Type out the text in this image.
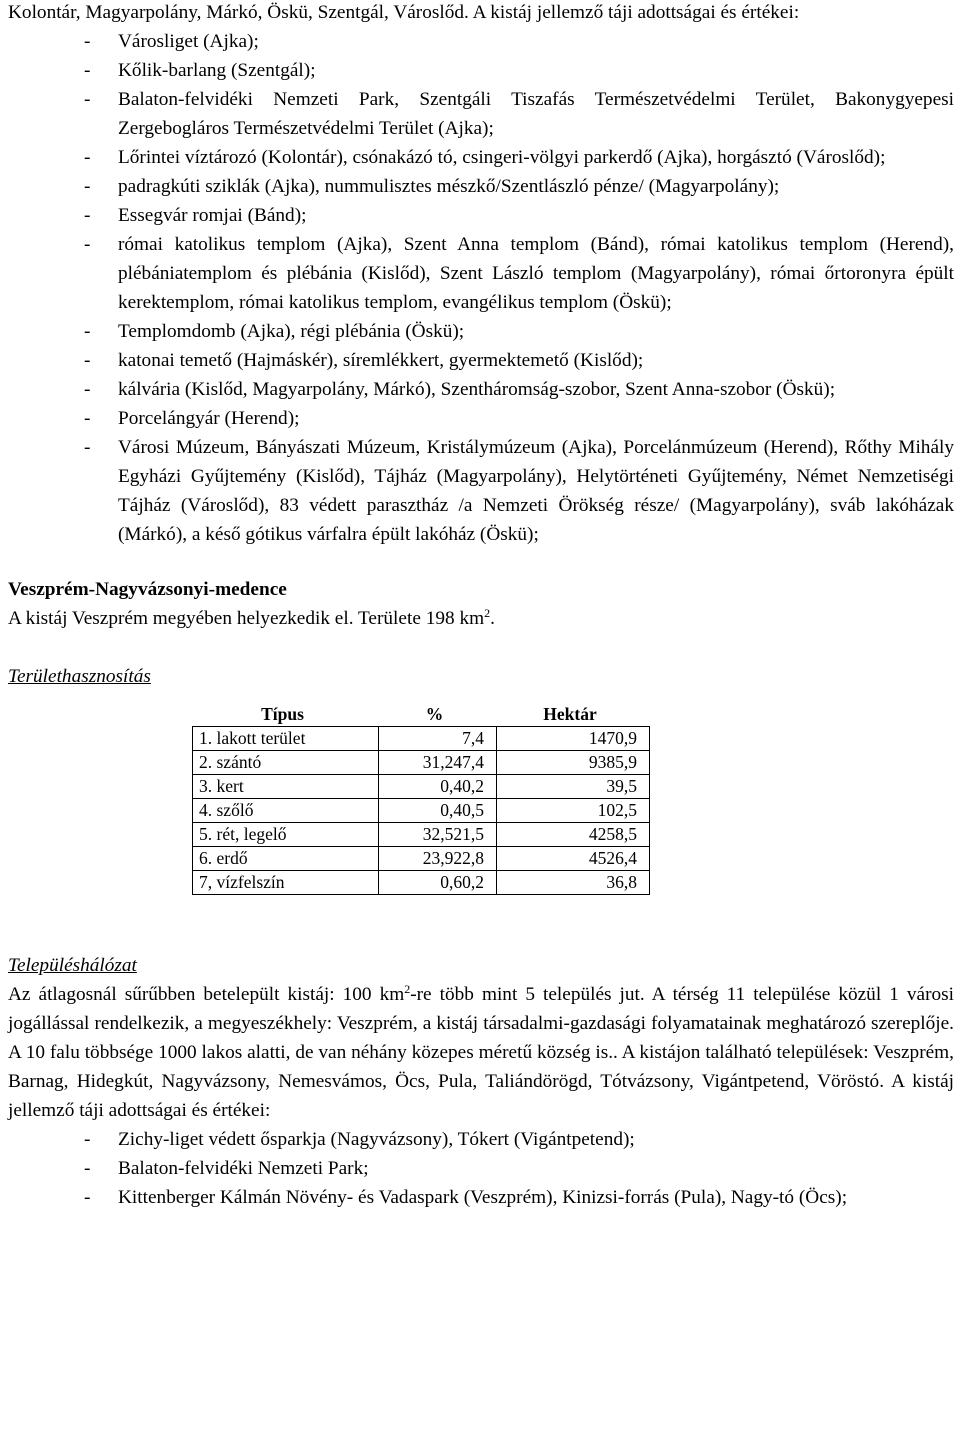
Kolontár, Magyarpolány, Márkó, Öskü, Szentgál, Városlőd. A kistáj jellemző táji adottságai és értékei:

- Városliget (Ajka);
- Kőlik-barlang (Szentgál);
- Balaton-felvidéki Nemzeti Park, Szentgáli Tiszafás Természetvédelmi Terület, Bakonygyepesi Zergebogláros Természetvédelmi Terület (Ajka);
- Lőrintei víztározó (Kolontár), csónakázó tó, csingeri-völgyi parkerdő (Ajka), horgásztó (Városlőd);
- padragkúti sziklák (Ajka), nummulisztes mészkő/Szentlászló pénze/ (Magyarpolány);
- Essegvár romjai (Bánd);
- római katolikus templom (Ajka), Szent Anna templom (Bánd), római katolikus templom (Herend), plébániatemplom és plébánia (Kislőd), Szent László templom (Magyarpolány), római őrtoronyra épült kerektemplom, római katolikus templom, evangélikus templom (Öskü);
- Templomdomb (Ajka), régi plébánia (Öskü);
- katonai temető (Hajmáskér), síremlékkert, gyermektemető (Kislőd);
- kálvária (Kislőd, Magyarpolány, Márkó), Szentháromság-szobor, Szent Anna-szobor (Öskü);
- Porcelángyár (Herend);
- Városi Múzeum, Bányászati Múzeum, Kristálymúzeum (Ajka), Porcelánmúzeum (Herend), Rőthy Mihály Egyházi Gyűjtemény (Kislőd), Tájház (Magyarpolány), Helytörténeti Gyűjtemény, Német Nemzetiségi Tájház (Városlőd), 83 védett parasztház /a Nemzeti Örökség része/ (Magyarpolány), sváb lakóházak (Márkó), a késő gótikus várfalra épült lakóház (Öskü);

Veszprém-Nagyvázsonyi-medence

A kistáj Veszprém megyében helyezkedik el. Területe 198 $km^2$.

Területhasznosítás

Típus	%	Hektár
1. lakott terület	7,4	1470,9
2. szántó	31,247,4	9385,9
3. kert	0,40,2	39,5
4. szőlő	0,40,5	102,5
5. rét, legelő	32,521,5	4258,5
6. erdő	23,922,8	4526,4
7, vízfelszín	0,60,2	36,8

Településhálózat

Az átlagosnál sűrűbben betelepült kistáj: 100 $km^2-re$ több mint 5 település jut. A térség 11 települése közül 1 városi jogállással rendelkezik, a megyeszékhely: Veszprém, a kistáj társadalmi-gazdasági folyamatainak meghatározó szereplője. A 10 falu többsége 1000 lakos alatti, de van néhány közepes méretű község is.. A kistájon található települések: Veszprém, Barnag, Hidegkút, Nagyvázsony, Nemesvámos, Öcs, Pula, Taliándörögd, Tótvázsony, Vigántpetend, Vöröstó. A kistáj jellemző táji adottságai és értékei:

- Zichy-liget védett ősparkja (Nagyvázsony), Tókert (Vigántpetend);
- Balaton-felvidéki Nemzeti Park;
- Kittenberger Kálmán Növény- és Vadaspark (Veszprém), Kinizsi-forrás (Pula), Nagy-tó (Öcs);
